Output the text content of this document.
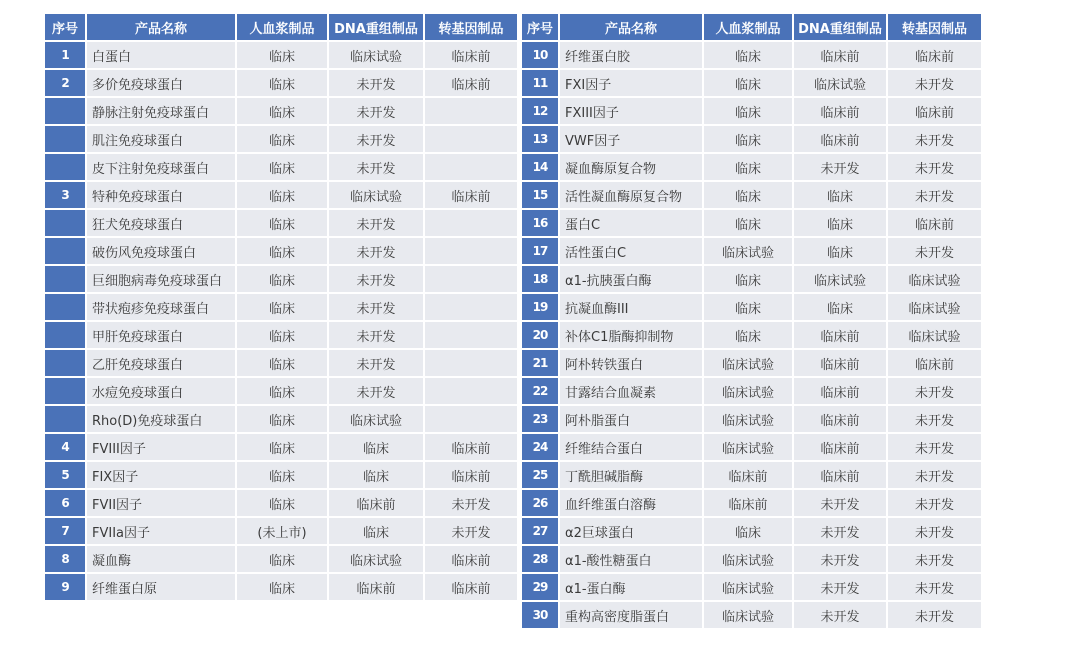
序号	产品名称	人血浆制品	DNA重组制品	转基因制品
1	白蛋白	临床	临床试验	临床前
2	多价免疫球蛋白	临床	未开发	临床前
	静脉注射免疫球蛋白	临床	未开发	
	肌注免疫球蛋白	临床	未开发	
	皮下注射免疫球蛋白	临床	未开发	
3	特种免疫球蛋白	临床	临床试验	临床前
	狂犬免疫球蛋白	临床	未开发	
	破伤风免疫球蛋白	临床	未开发	
	巨细胞病毒免疫球蛋白	临床	未开发	
	带状疱疹免疫球蛋白	临床	未开发	
	甲肝免疫球蛋白	临床	未开发	
	乙肝免疫球蛋白	临床	未开发	
	水痘免疫球蛋白	临床	未开发	
	Rho(D)免疫球蛋白	临床	临床试验	
4	FVIII因子	临床	临床	临床前
5	FIX因子	临床	临床	临床前
6	FVII因子	临床	临床前	未开发
7	FVIIa因子	(未上市)	临床	未开发
8	凝血酶	临床	临床试验	临床前
9	纤维蛋白原	临床	临床前	临床前
序号	产品名称	人血浆制品	DNA重组制品	转基因制品
10	纤维蛋白胶	临床	临床前	临床前
11	FXI因子	临床	临床试验	未开发
12	FXIII因子	临床	临床前	临床前
13	VWF因子	临床	临床前	未开发
14	凝血酶原复合物	临床	未开发	未开发
15	活性凝血酶原复合物	临床	临床	未开发
16	蛋白C	临床	临床	临床前
17	活性蛋白C	临床试验	临床	未开发
18	α1-抗胰蛋白酶	临床	临床试验	临床试验
19	抗凝血酶III	临床	临床	临床试验
20	补体C1脂酶抑制物	临床	临床前	临床试验
21	阿朴转铁蛋白	临床试验	临床前	临床前
22	甘露结合血凝素	临床试验	临床前	未开发
23	阿朴脂蛋白	临床试验	临床前	未开发
24	纤维结合蛋白	临床试验	临床前	未开发
25	丁酰胆碱脂酶	临床前	临床前	未开发
26	血纤维蛋白溶酶	临床前	未开发	未开发
27	α2巨球蛋白	临床	未开发	未开发
28	α1-酸性糖蛋白	临床试验	未开发	未开发
29	α1-蛋白酶	临床试验	未开发	未开发
30	重构高密度脂蛋白	临床试验	未开发	未开发
